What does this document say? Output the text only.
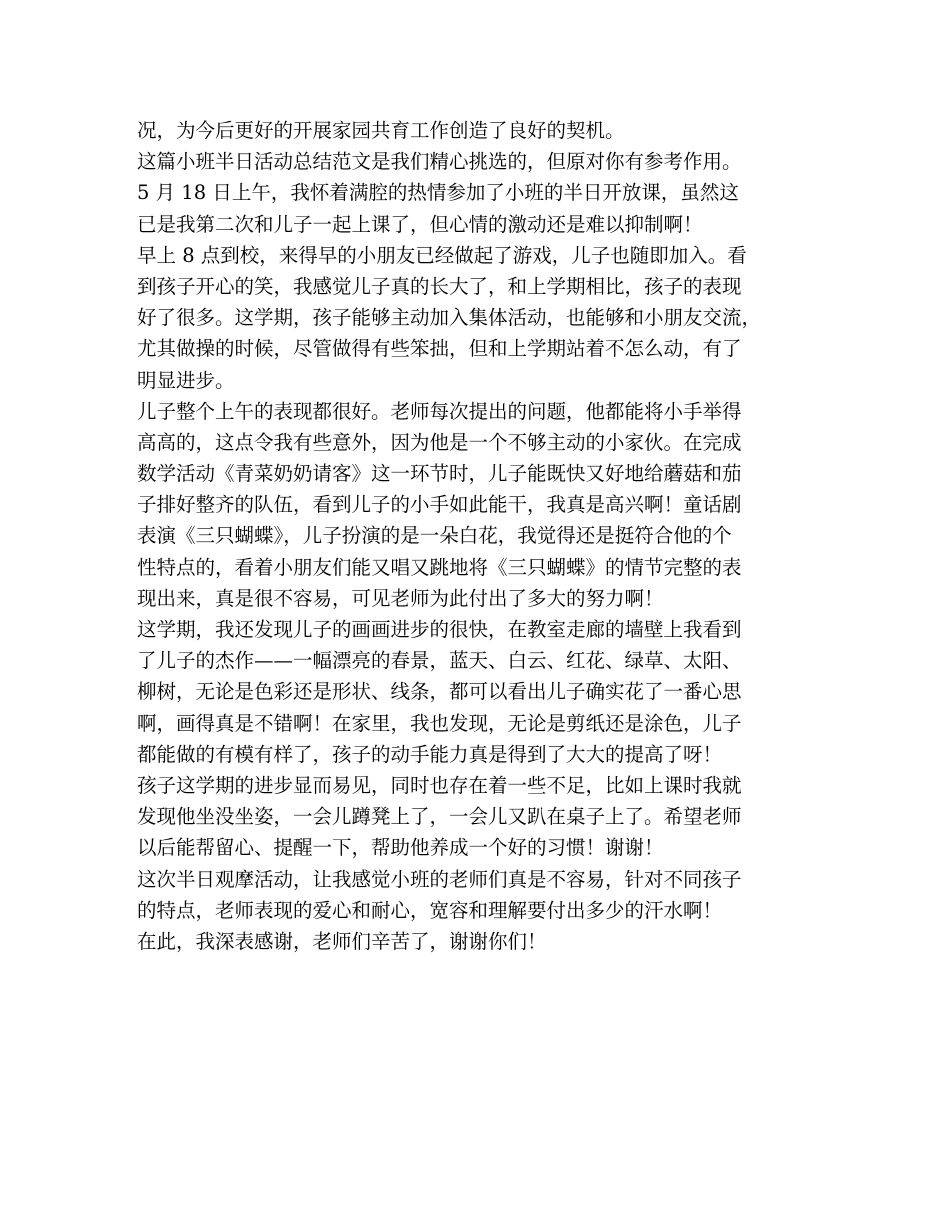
况，为今后更好的开展家园共育工作创造了良好的契机。
这篇小班半日活动总结范文是我们精心挑选的，但原对你有参考作用。
5 月 18 日上午，我怀着满腔的热情参加了小班的半日开放课，虽然这
已是我第二次和儿子一起上课了，但心情的激动还是难以抑制啊！
早上 8 点到校，来得早的小朋友已经做起了游戏，儿子也随即加入。看
到孩子开心的笑，我感觉儿子真的长大了，和上学期相比，孩子的表现
好了很多。这学期，孩子能够主动加入集体活动，也能够和小朋友交流，
尤其做操的时候，尽管做得有些笨拙，但和上学期站着不怎么动，有了
明显进步。
儿子整个上午的表现都很好。老师每次提出的问题，他都能将小手举得
高高的，这点令我有些意外，因为他是一个不够主动的小家伙。在完成
数学活动《青菜奶奶请客》这一环节时，儿子能既快又好地给蘑菇和茄
子排好整齐的队伍，看到儿子的小手如此能干，我真是高兴啊！童话剧
表演《三只蝴蝶》，儿子扮演的是一朵白花，我觉得还是挺符合他的个
性特点的，看着小朋友们能又唱又跳地将《三只蝴蝶》的情节完整的表
现出来，真是很不容易，可见老师为此付出了多大的努力啊！
这学期，我还发现儿子的画画进步的很快，在教室走廊的墙壁上我看到
了儿子的杰作——一幅漂亮的春景，蓝天、白云、红花、绿草、太阳、
柳树，无论是色彩还是形状、线条，都可以看出儿子确实花了一番心思
啊，画得真是不错啊！在家里，我也发现，无论是剪纸还是涂色，儿子
都能做的有模有样了，孩子的动手能力真是得到了大大的提高了呀！
孩子这学期的进步显而易见，同时也存在着一些不足，比如上课时我就
发现他坐没坐姿，一会儿蹲凳上了，一会儿又趴在桌子上了。希望老师
以后能帮留心、提醒一下，帮助他养成一个好的习惯！谢谢！
这次半日观摩活动，让我感觉小班的老师们真是不容易，针对不同孩子
的特点，老师表现的爱心和耐心，宽容和理解要付出多少的汗水啊！
在此，我深表感谢，老师们辛苦了，谢谢你们！
